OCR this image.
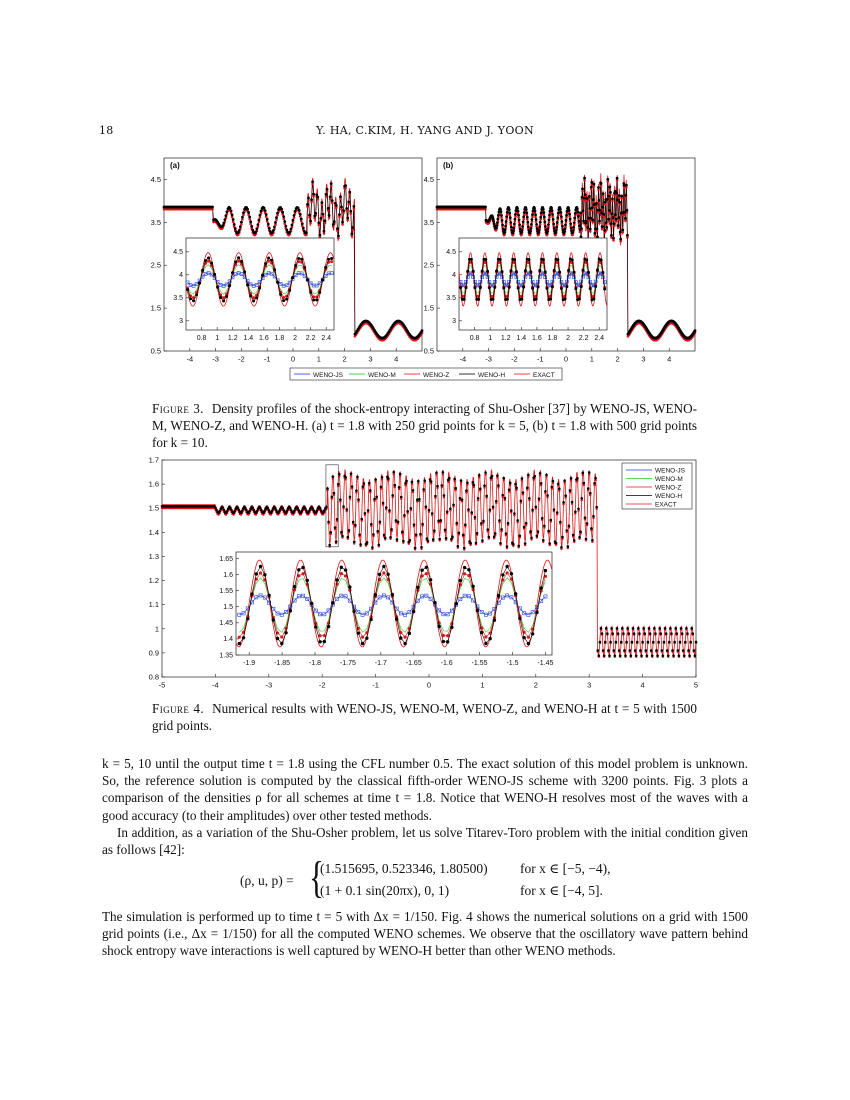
18	Y. HA, C.KIM, H. YANG AND J. YOON
-4	-3	-2	-1	0	1	2	3	4
0.5
1.5
2.5
3.5
4.5
(a)
0.8 1 1.2 1.4 1.6 1.8 2 2.2 2.4
3
3.5
4
4.5
-4	-3	-2	-1	0	1	2	3	4
0.5
1.5
2.5
3.5
4.5
(b)
0.8 1 1.2 1.4 1.6 1.8 2 2.2 2.4
3
3.5
4
4.5
WENO-JS	WENO-M	WENO-Z	WENO-H	EXACT
Figure 3. Density profiles of the shock-entropy interacting of Shu-Osher [37] by WENO-JS, WENO-M, WENO-Z, and WENO-H. (a) t = 1.8 with 250 grid points for k = 5, (b) t = 1.8 with 500 grid points for k = 10.
-5	-4	-3	-2	-1	0	1	2	3	4	5
0.8
0.9
1
1.1
1.2
1.3
1.4
1.5
1.6
1.7
WENO-JS
WENO-M
WENO-Z
WENO-H
EXACT
-1.9	-1.85	-1.8	-1.75	-1.7	-1.65	-1.6	-1.55	-1.5	-1.45
1.35
1.4
1.45
1.5
1.55
1.6
1.65
Figure 4. Numerical results with WENO-JS, WENO-M, WENO-Z, and WENO-H at t = 5 with 1500 grid points.

k = 5, 10 until the output time t = 1.8 using the CFL number 0.5. The exact solution of this model problem is unknown. So, the reference solution is computed by the classical fifth-order WENO-JS scheme with 3200 points. Fig. 3 plots a comparison of the densities ρ for all schemes at time t = 1.8. Notice that WENO-H resolves most of the waves with a good accuracy (to their amplitudes) over other tested methods.

In addition, as a variation of the Shu-Osher problem, let us solve Titarev-Toro problem with the initial condition given as follows [42]:

(ρ, u, p) = {
(1.515695, 0.523346, 1.80500) for x ∈ [−5, −4),
(1 + 0.1 sin(20πx), 0, 1)	for x ∈ [−4, 5].

The simulation is performed up to time t = 5 with Δx = 1/150. Fig. 4 shows the numerical solutions on a grid with 1500 grid points (i.e., Δx = 1/150) for all the computed WENO schemes. We observe that the oscillatory wave pattern behind shock entropy wave interactions is well captured by WENO-H better than other WENO methods.
